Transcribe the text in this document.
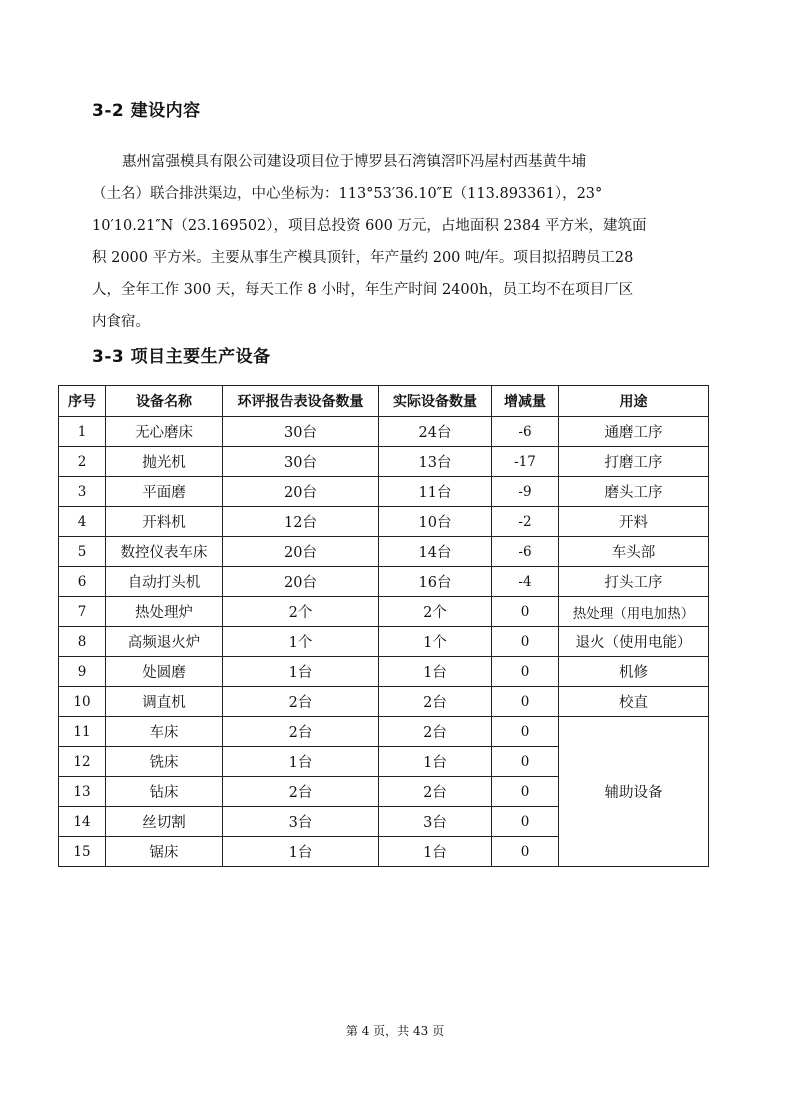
3-2 建设内容

惠州富强模具有限公司建设项目位于博罗县石湾镇滘吓冯屋村西基黄牛埔
（土名）联合排洪渠边，中心坐标为：113°53′36.10″E（113.893361），23°
10′10.21″N（23.169502），项目总投资 600 万元，占地面积 2384 平方米，建筑面
积 2000 平方米。主要从事生产模具顶针，年产量约 200 吨/年。项目拟招聘员工28
人，全年工作 300 天，每天工作 8 小时，年生产时间 2400h，员工均不在项目厂区
内食宿。

3-3 项目主要生产设备
序号	设备名称	环评报告表设备数量	实际设备数量	增减量	用途
1	无心磨床	30台	24台	-6	通磨工序
2	抛光机	30台	13台	-17	打磨工序
3	平面磨	20台	11台	-9	磨头工序
4	开料机	12台	10台	-2	开料
5	数控仪表车床	20台	14台	-6	车头部
6	自动打头机	20台	16台	-4	打头工序
7	热处理炉	2个	2个	0	热处理（用电加热）
8	高频退火炉	1个	1个	0	退火（使用电能）
9	处圆磨	1台	1台	0	机修
10	调直机	2台	2台	0	校直
11	车床	2台	2台	0	辅助设备
12	铣床	1台	1台	0	
13	钻床	2台	2台	0	
14	丝切割	3台	3台	0	
15	锯床	1台	1台	0	
第 4 页，共 43 页
